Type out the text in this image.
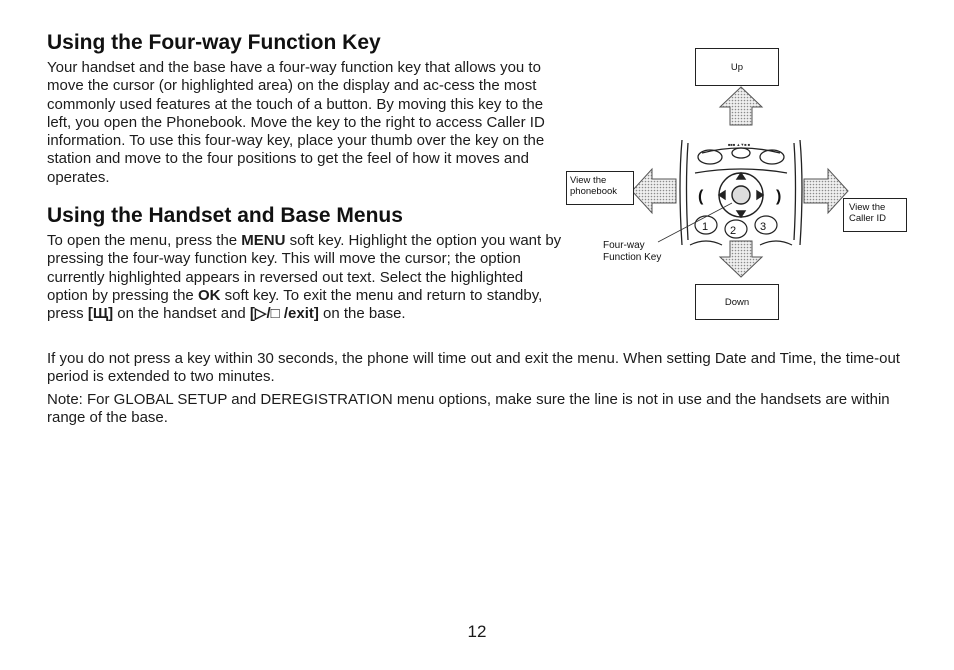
Using the Four-way Function Key

Your handset and the base have a four-way function key that allows you to move the cursor (or highlighted area) on the display and ac-cess the most commonly used features at the touch of a button. By moving this key to the left, you open the Phonebook. Move the key to the right to access Caller ID information. To use this four-way key, place your thumb over the key on the station and move to the four positions to get the feel of how it moves and operates.

Using the Handset and Base Menus

To open the menu, press the MENU soft key. Highlight the option you want by pressing the four-way function key. This will move the cursor; the option currently highlighted appears in reversed out text. Select the highlighted option by pressing the OK soft key. To exit the menu and return to standby, press [Щ] on the handset and [▷/□ /exit] on the base.

If you do not press a key within 30 seconds, the phone will time out and exit the menu. When setting Date and Time, the time-out period is extended to two minutes.

Note: For GLOBAL SETUP and DEREGISTRATION menu options, make sure the line is not in use and the handsets are within range of the base.

■■■ ▲▼■ ■
(	)
1 2 3
Up
Down
View the phonebook
View the Caller ID
Four-way Function Key
12
